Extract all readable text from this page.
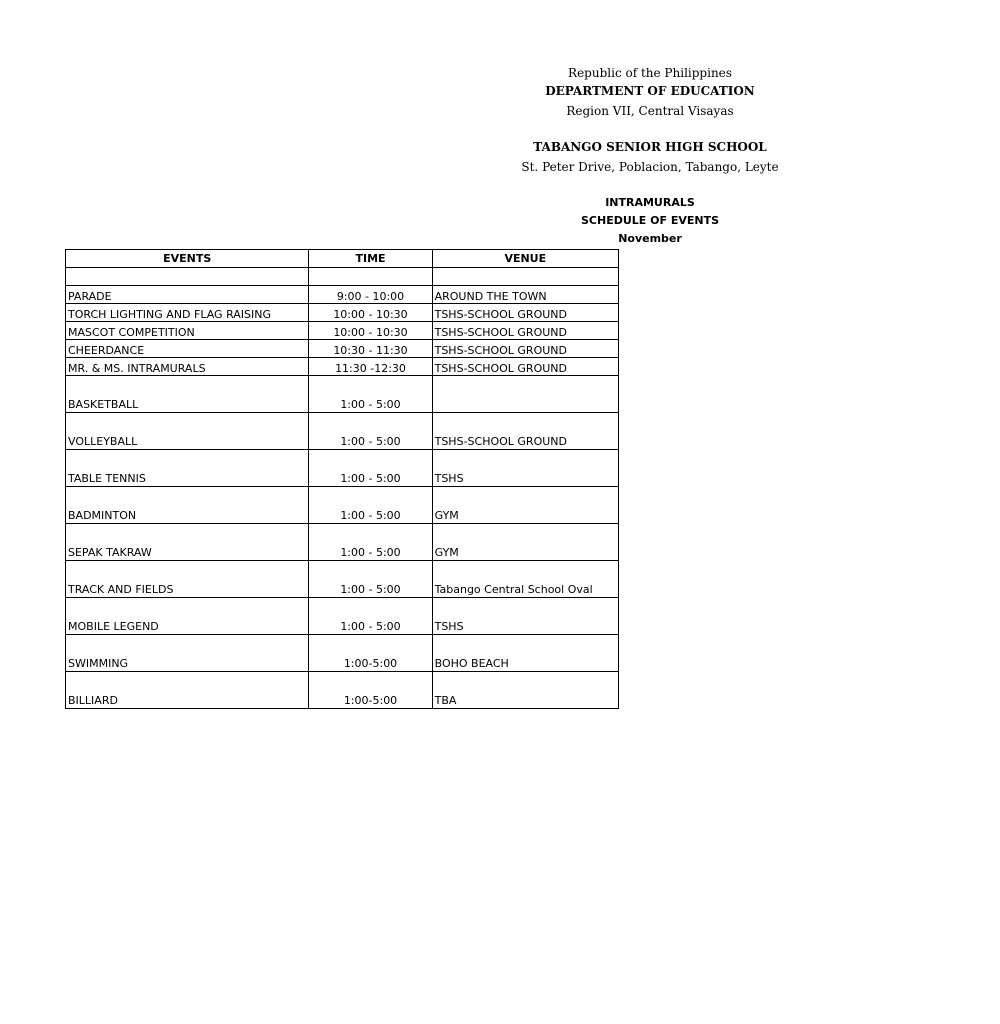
Republic of the Philippines
DEPARTMENT OF EDUCATION
Region VII, Central Visayas
TABANGO SENIOR HIGH SCHOOL
St. Peter Drive, Poblacion, Tabango, Leyte
INTRAMURALS
SCHEDULE OF EVENTS
November
EVENTS	TIME	VENUE

PARADE	9:00 - 10:00	AROUND THE TOWN
TORCH LIGHTING AND FLAG RAISING	10:00 - 10:30	TSHS-SCHOOL GROUND
MASCOT COMPETITION	10:00 - 10:30	TSHS-SCHOOL GROUND
CHEERDANCE	10:30 - 11:30	TSHS-SCHOOL GROUND
MR. & MS. INTRAMURALS	11:30 -12:30	TSHS-SCHOOL GROUND
BASKETBALL	1:00 - 5:00	
VOLLEYBALL	1:00 - 5:00	TSHS-SCHOOL GROUND
TABLE TENNIS	1:00 - 5:00	TSHS
BADMINTON	1:00 - 5:00	GYM
SEPAK TAKRAW	1:00 - 5:00	GYM
TRACK AND FIELDS	1:00 - 5:00	Tabango Central School Oval
MOBILE LEGEND	1:00 - 5:00	TSHS
SWIMMING	1:00-5:00	BOHO BEACH
BILLIARD	1:00-5:00	TBA
